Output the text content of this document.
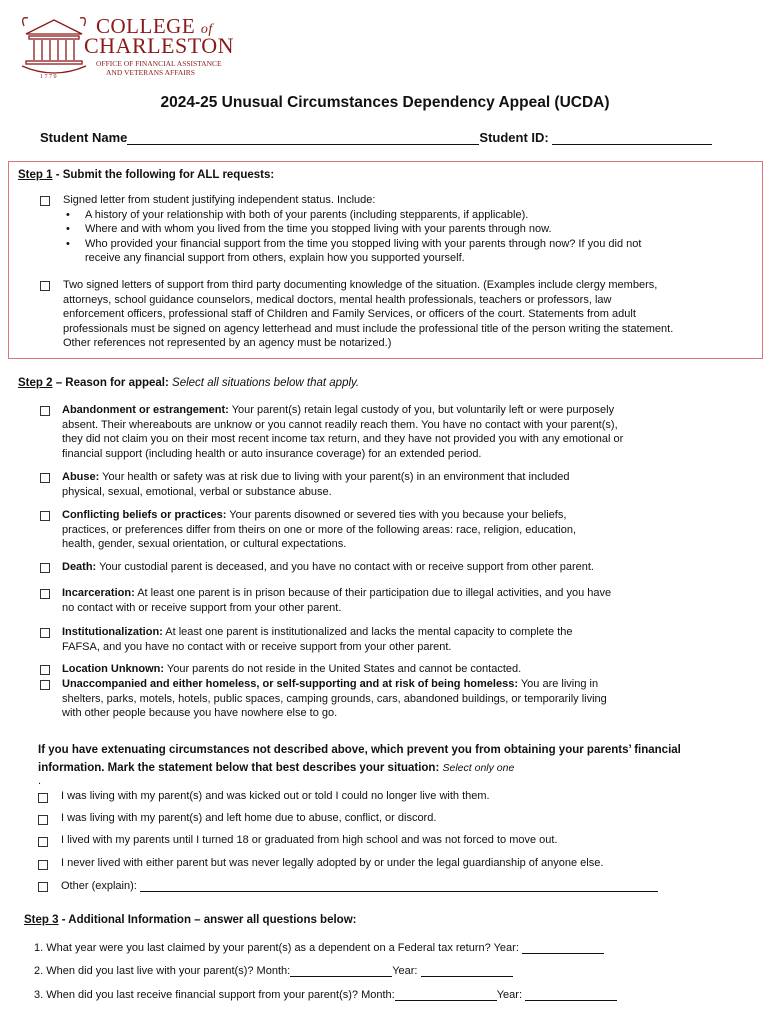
1 7 7 0
COLLEGE of
CHARLESTON
OFFICE OF FINANCIAL ASSISTANCE
AND VETERANS AFFAIRS
2024-25 Unusual Circumstances Dependency Appeal (UCDA)
Student Name	Student ID:
Step 1 - Submit the following for ALL requests:
Signed letter from student justifying independent status. Include:
• A history of your relationship with both of your parents (including stepparents, if applicable).
• Where and with whom you lived from the time you stopped living with your parents through now.
• Who provided your financial support from the time you stopped living with your parents through now? If you did not
receive any financial support from others, explain how you supported yourself.
Two signed letters of support from third party documenting knowledge of the situation. (Examples include clergy members,
attorneys, school guidance counselors, medical doctors, mental health professionals, teachers or professors, law
enforcement officers, professional staff of Children and Family Services, or officers of the court. Statements from adult
professionals must be signed on agency letterhead and must include the professional title of the person writing the statement.
Other references not represented by an agency must be notarized.)
Step 2 – Reason for appeal: Select all situations below that apply.
Abandonment or estrangement: Your parent(s) retain legal custody of you, but voluntarily left or were purposely
absent. Their whereabouts are unknow or you cannot readily reach them. You have no contact with your parent(s),
they did not claim you on their most recent income tax return, and they have not provided you with any emotional or
financial support (including health or auto insurance coverage) for an extended period.
Abuse: Your health or safety was at risk due to living with your parent(s) in an environment that included
physical, sexual, emotional, verbal or substance abuse.
Conflicting beliefs or practices: Your parents disowned or severed ties with you because your beliefs,
practices, or preferences differ from theirs on one or more of the following areas: race, religion, education,
health, gender, sexual orientation, or cultural expectations.
Death: Your custodial parent is deceased, and you have no contact with or receive support from other parent.
Incarceration: At least one parent is in prison because of their participation due to illegal activities, and you have
no contact with or receive support from your other parent.
Institutionalization: At least one parent is institutionalized and lacks the mental capacity to complete the
FAFSA, and you have no contact with or receive support from your other parent.
Location Unknown: Your parents do not reside in the United States and cannot be contacted.
Unaccompanied and either homeless, or self-supporting and at risk of being homeless: You are living in
shelters, parks, motels, hotels, public spaces, camping grounds, cars, abandoned buildings, or temporarily living
with other people because you have nowhere else to go.
If you have extenuating circumstances not described above, which prevent you from obtaining your parents’ financial
information. Mark the statement below that best describes your situation: Select only one
.
I was living with my parent(s) and was kicked out or told I could no longer live with them.
I was living with my parent(s) and left home due to abuse, conflict, or discord.
I lived with my parents until I turned 18 or graduated from high school and was not forced to move out.
I never lived with either parent but was never legally adopted by or under the legal guardianship of anyone else.
Other (explain):
Step 3 - Additional Information – answer all questions below:
1. What year were you last claimed by your parent(s) as a dependent on a Federal tax return? Year:
2. When did you last live with your parent(s)? Month:	Year:
3. When did you last receive financial support from your parent(s)? Month:	Year:
